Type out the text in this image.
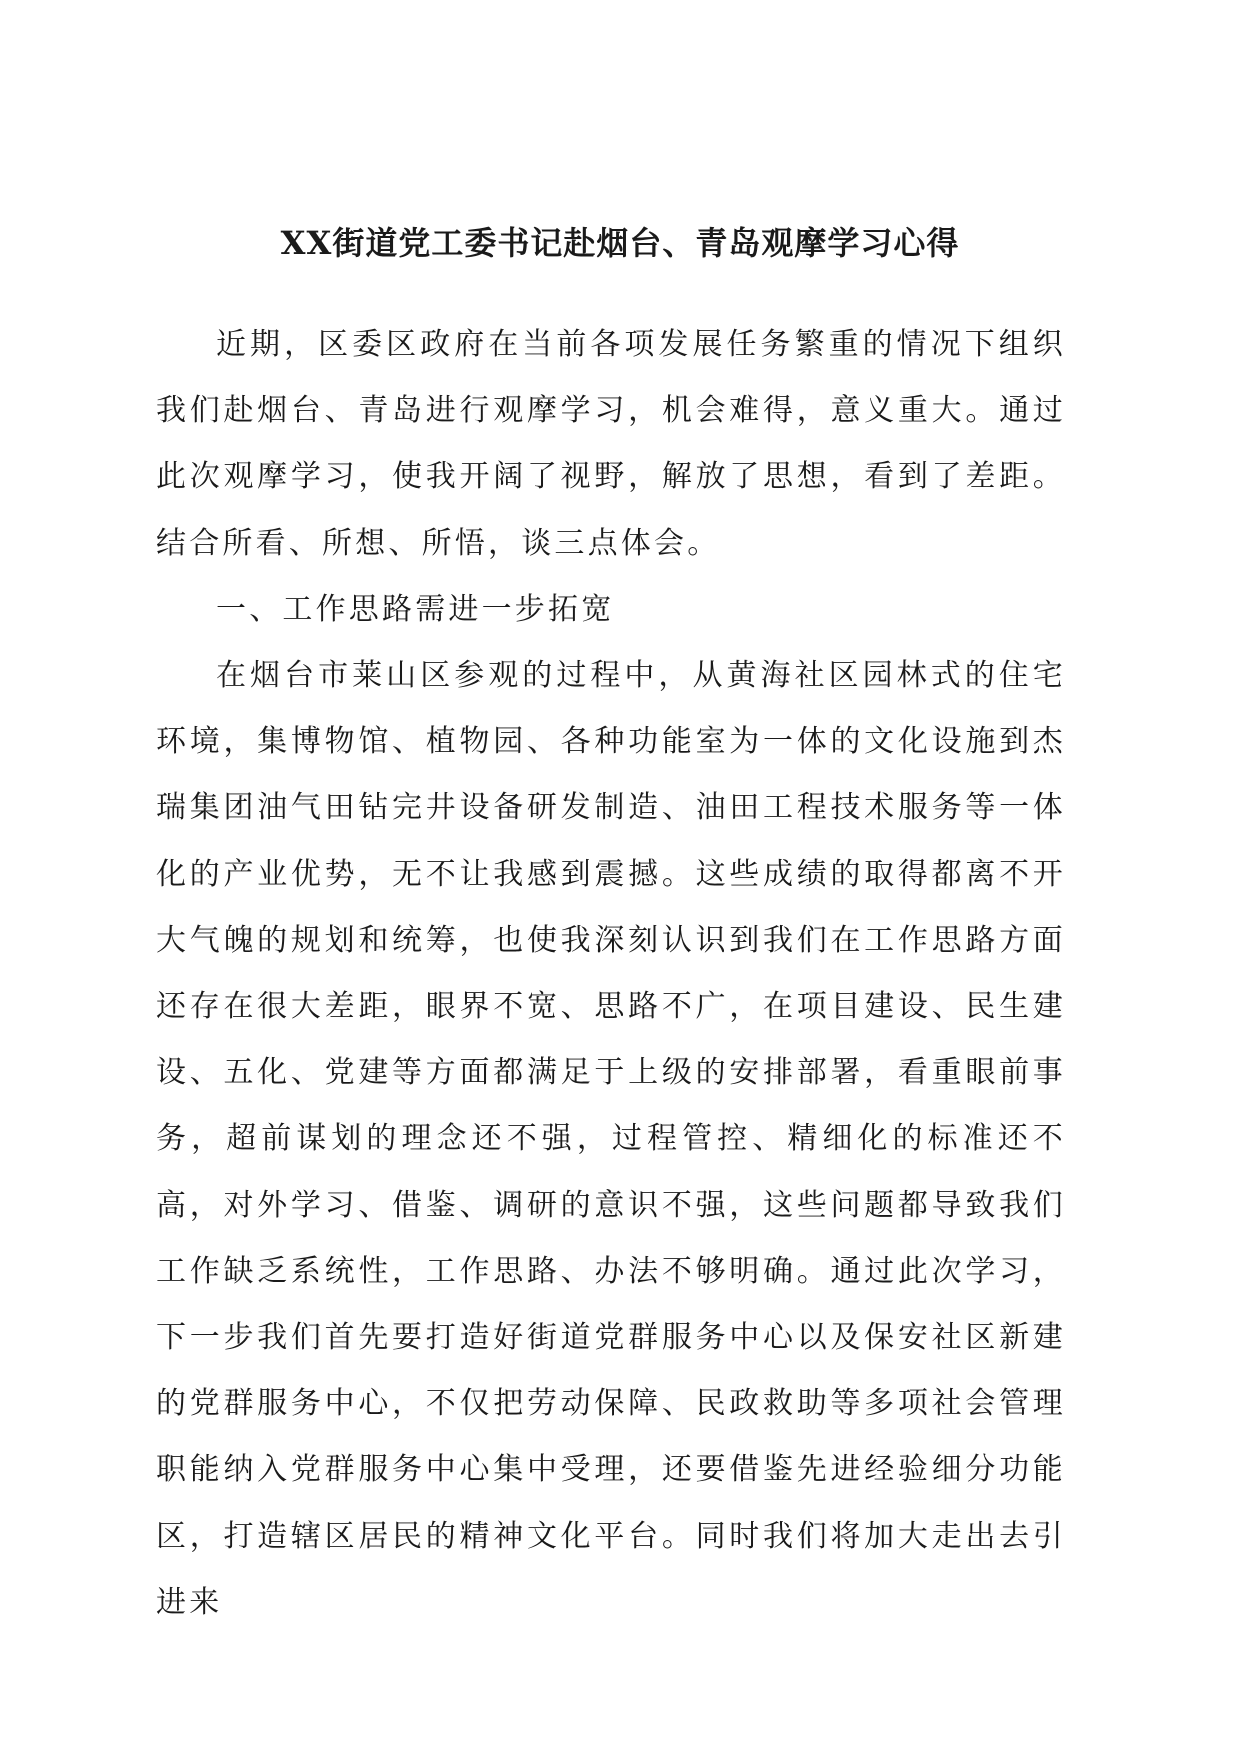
XX街道党工委书记赴烟台、青岛观摩学习心得

近期，区委区政府在当前各项发展任务繁重的情况下组织我们赴烟台、青岛进行观摩学习，机会难得，意义重大。通过此次观摩学习，使我开阔了视野，解放了思想，看到了差距。结合所看、所想、所悟，谈三点体会。

一、工作思路需进一步拓宽

在烟台市莱山区参观的过程中，从黄海社区园林式的住宅环境，集博物馆、植物园、各种功能室为一体的文化设施到杰瑞集团油气田钻完井设备研发制造、油田工程技术服务等一体化的产业优势，无不让我感到震撼。这些成绩的取得都离不开大气魄的规划和统筹，也使我深刻认识到我们在工作思路方面还存在很大差距，眼界不宽、思路不广，在项目建设、民生建设、五化、党建等方面都满足于上级的安排部署，看重眼前事务，超前谋划的理念还不强，过程管控、精细化的标准还不高，对外学习、借鉴、调研的意识不强，这些问题都导致我们工作缺乏系统性，工作思路、办法不够明确。通过此次学习，下一步我们首先要打造好街道党群服务中心以及保安社区新建的党群服务中心，不仅把劳动保障、民政救助等多项社会管理职能纳入党群服务中心集中受理，还要借鉴先进经验细分功能区，打造辖区居民的精神文化平台。同时我们将加大走出去引进来
